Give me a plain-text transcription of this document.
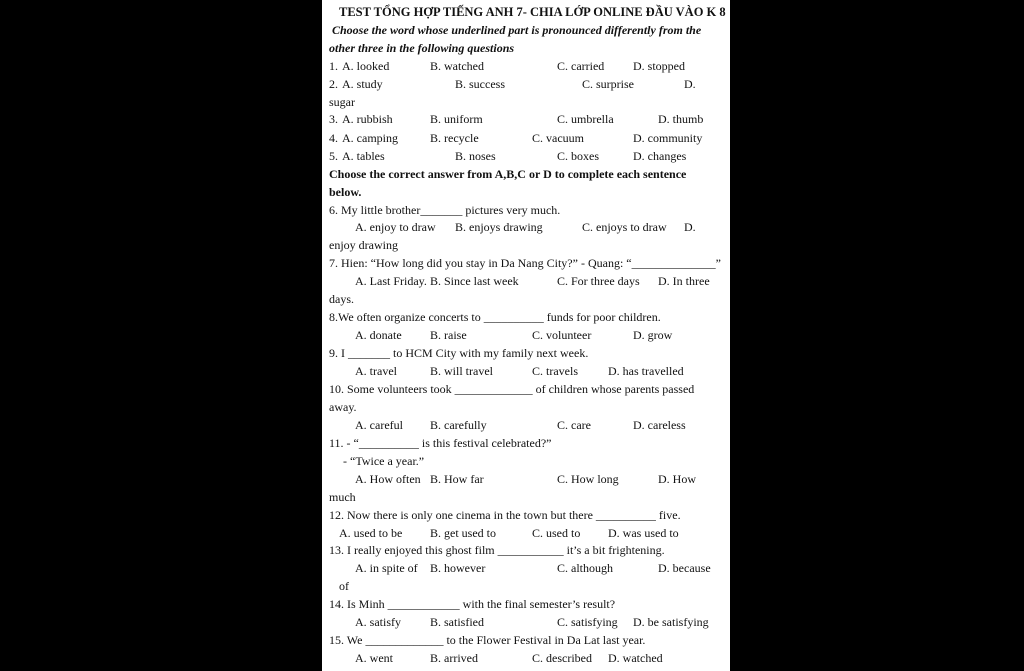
TEST TỔNG HỢP TIẾNG ANH 7- CHIA LỚP ONLINE ĐẦU VÀO K 8
Choose the word whose underlined part is pronounced differently from the
other three in the following questions
1. A. looked	B. watched	C. carried D. stopped
2. A. study	B. success	C. surprise	D.
sugar
3. A. rubbish	B. uniform	C. umbrella	D. thumb
4. A. camping	B. recycle	C. vacuum	D. community
5. A. tables	B. noses	C. boxes	D. changes
Choose the correct answer from A,B,C or D to complete each sentence
below.
6. My little brother_______ pictures very much.
A. enjoy to draw B. enjoys drawing	C. enjoys to draw D.
enjoy drawing
7. Hien: “How long did you stay in Da Nang City?” - Quang: “______________”
A. Last Friday. B. Since last week	C. For three days D. In three
days.
8.We often organize concerts to __________ funds for poor children.
A. donate B. raise	C. volunteer	D. grow
9. I _______ to HCM City with my family next week.
A. travel	B. will travel	C. travels	D. has travelled
10. Some volunteers took _____________ of children whose parents passed
away.
A. careful B. carefully	C. care	D. careless
11. - “__________ is this festival celebrated?”
- “Twice a year.”
A. How often B. How far	C. How long	D. How
much
12. Now there is only one cinema in the town but there __________ five.
A. used to be B. get used to	C. used to D. was used to
13. I really enjoyed this ghost film ___________ it’s a bit frightening.
A. in spite of B. however	C. although	D. because
of
14. Is Minh ____________ with the final semester’s result?
A. satisfy B. satisfied	C. satisfying D. be satisfying
15. We _____________ to the Flower Festival in Da Lat last year.
A. went	B. arrived	C. described D. watched
